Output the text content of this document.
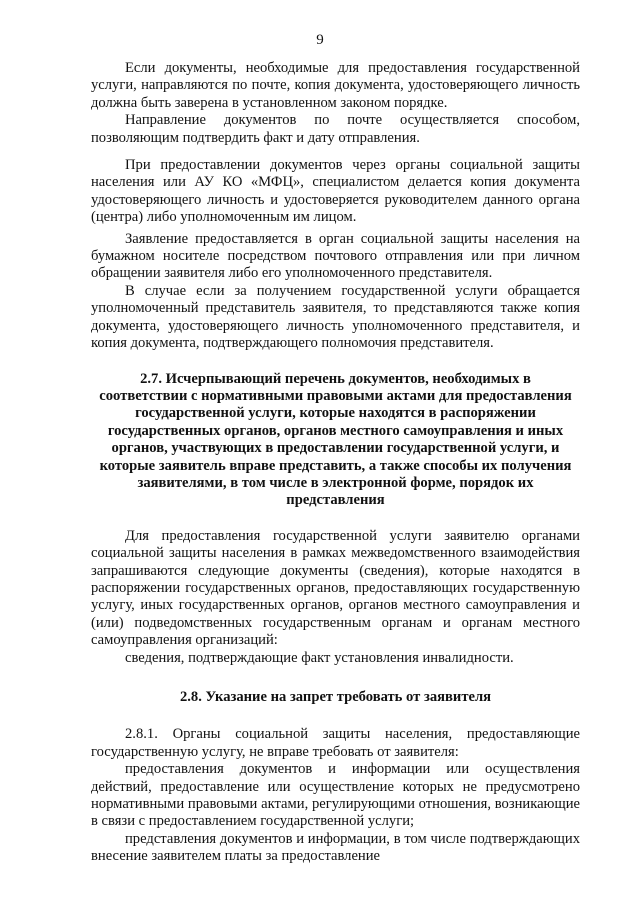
9

Если документы, необходимые для предоставления государственной услуги, направляются по почте, копия документа, удостоверяющего личность должна быть заверена в установленном законом порядке.

Направление документов по почте осуществляется способом, позволяющим подтвердить факт и дату отправления.

При предоставлении документов через органы социальной защиты населения или АУ КО «МФЦ», специалистом делается копия документа удостоверяющего личность и удостоверяется руководителем данного органа (центра) либо уполномоченным им лицом.

Заявление предоставляется в орган социальной защиты населения на бумажном носителе посредством почтового отправления или при личном обращении заявителя либо его уполномоченного представителя.

В случае если за получением государственной услуги обращается уполномоченный представитель заявителя, то представляются также копия документа, удостоверяющего личность уполномоченного представителя, и копия документа, подтверждающего полномочия представителя.

2.7. Исчерпывающий перечень документов, необходимых в соответствии с нормативными правовыми актами для предоставления государственной услуги, которые находятся в распоряжении государственных органов, органов местного самоуправления и иных органов, участвующих в предоставлении государственной услуги, и которые заявитель вправе представить, а также способы их получения заявителями, в том числе в электронной форме, порядок их представления

Для предоставления государственной услуги заявителю органами социальной защиты населения в рамках межведомственного взаимодействия запрашиваются следующие документы (сведения), которые находятся в распоряжении государственных органов, предоставляющих государственную услугу, иных государственных органов, органов местного самоуправления и (или) подведомственных государственным органам и органам местного самоуправления организаций:

сведения, подтверждающие факт установления инвалидности.

2.8. Указание на запрет требовать от заявителя

2.8.1. Органы социальной защиты населения, предоставляющие государственную услугу, не вправе требовать от заявителя:

предоставления документов и информации или осуществления действий, предоставление или осуществление которых не предусмотрено нормативными правовыми актами, регулирующими отношения, возникающие в связи с предоставлением государственной услуги;

представления документов и информации, в том числе подтверждающих внесение заявителем платы за предоставление
